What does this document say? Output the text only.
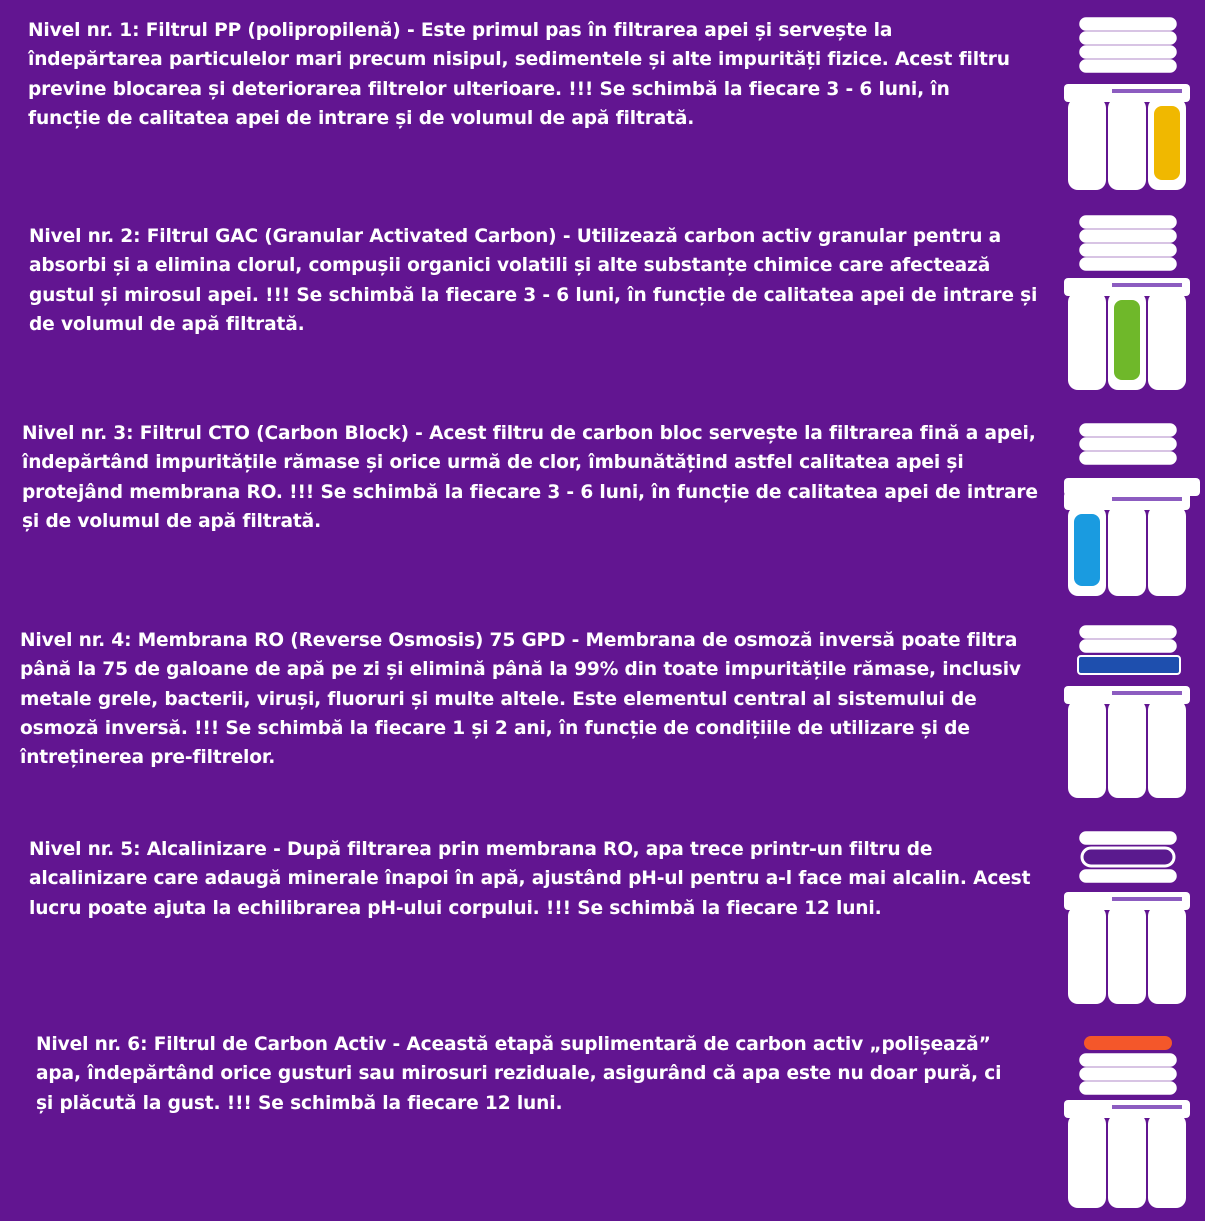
Nivel nr. 1: Filtrul PP (polipropilenă) - Este primul pas în filtrarea apei și servește la îndepărtarea particulelor mari precum nisipul, sedimentele și alte impurități fizice. Acest filtru previne blocarea și deteriorarea filtrelor ulterioare. !!! Se schimbă la fiecare 3 - 6 luni, în funcție de calitatea apei de intrare și de volumul de apă filtrată.

Nivel nr. 2: Filtrul GAC (Granular Activated Carbon) - Utilizează carbon activ granular pentru a absorbi și a elimina clorul, compușii organici volatili și alte substanțe chimice care afectează gustul și mirosul apei. !!! Se schimbă la fiecare 3 - 6 luni, în funcție de calitatea apei de intrare și de volumul de apă filtrată.

Nivel nr. 3: Filtrul CTO (Carbon Block) - Acest filtru de carbon bloc servește la filtrarea fină a apei, îndepărtând impuritățile rămase și orice urmă de clor, îmbunătățind astfel calitatea apei și protejând membrana RO. !!! Se schimbă la fiecare 3 - 6 luni, în funcție de calitatea apei de intrare și de volumul de apă filtrată.

Nivel nr. 4: Membrana RO (Reverse Osmosis) 75 GPD - Membrana de osmoză inversă poate filtra până la 75 de galoane de apă pe zi și elimină până la 99% din toate impuritățile rămase, inclusiv metale grele, bacterii, viruși, fluoruri și multe altele. Este elementul central al sistemului de osmoză inversă. !!! Se schimbă la fiecare 1 și 2 ani, în funcție de condițiile de utilizare și de întreținerea pre-filtrelor.

Nivel nr. 5: Alcalinizare - După filtrarea prin membrana RO, apa trece printr-un filtru de alcalinizare care adaugă minerale înapoi în apă, ajustând pH-ul pentru a-l face mai alcalin. Acest lucru poate ajuta la echilibrarea pH-ului corpului. !!! Se schimbă la fiecare 12 luni.

Nivel nr. 6: Filtrul de Carbon Activ - Această etapă suplimentară de carbon activ „polișează” apa, îndepărtând orice gusturi sau mirosuri reziduale, asigurând că apa este nu doar pură, ci și plăcută la gust. !!! Se schimbă la fiecare 12 luni.
